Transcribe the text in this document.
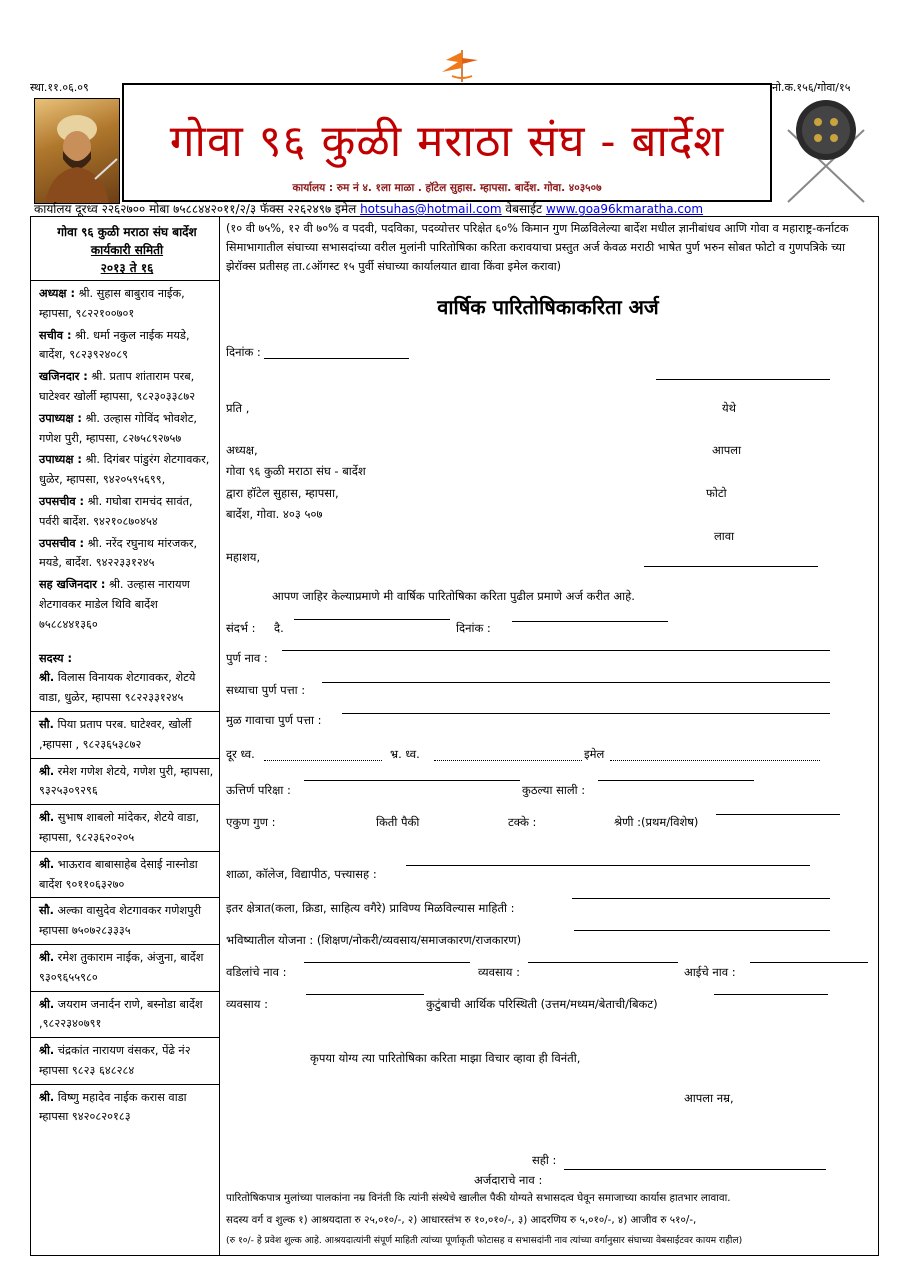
स्था.११.०६.०९	नो.क.१५६/गोवा/१५
गोवा ९६ कुळी मराठा संघ - बार्देश
कार्यालय : रुम नं ४. १ला माळा . हॉटेल सुहास. म्हापसा. बार्देश. गोवा. ४०३५०७
कार्यालय दूरध्व २२६२७०० मोबा ७५८८४४२०११/२/३ फॅक्स २२६२४९७ इमेल hotsuhas@hotmail.com वेबसाईट www.goa96kmaratha.com
गोवा ९६ कुळी मराठा संघ बार्देश
कार्यकारी समिती
२०१३ ते १६
अध्यक्ष : श्री. सुहास बाबुराव नाईक, म्हापसा, ९८२२१००७०१
सचीव : श्री. धर्मा नकुल नाईक मयडे, बार्देश, ९८२३९२४०८९
खजिनदार : श्री. प्रताप शांताराम परब, घाटेश्वर खोर्ली म्हापसा, ९८२३०३३८७२
उपाध्यक्ष : श्री. उल्हास गोविंद भोवशेट, गणेश पुरी, म्हापसा, ८२७५८९२७५७
उपाध्यक्ष : श्री. दिगंबर पांडुरंग शेटगावकर, धुळेर, म्हापसा, ९४२०५९५६९९,
उपसचीव : श्री. गघोबा रामचंद सावंत, पर्वरी बार्देश. ९४२१०८७०४५४
उपसचीव : श्री. नरेंद रघुनाथ मांरजकर, मयडे, बार्देश. ९४२२३३१२४५
सह खजिनदार : श्री. उल्हास नारायण शेटगावकर माडेल थिवि बार्देश ७५८८४४१३६०
सदस्य :
श्री. विलास विनायक शेटगावकर, शेटये वाडा, धुळेर, म्हापसा ९८२२३३१२४५
सौ. पिया प्रताप परब. घाटेश्वर, खोर्ली ,म्हापसा , ९८२३६५३८७२
श्री. रमेश गणेश शेटये, गणेश पुरी, म्हापसा, ९३२५३०९२९६
श्री. सुभाष शाबलो मांदेकर, शेटये वाडा, म्हापसा, ९८२३६२०२०५
श्री. भाऊराव बाबासाहेब देसाई नास्नोडा बार्देश ९०११०६३२७०
सौ. अल्का वासुदेव शेटगावकर गणेशपुरी म्हापसा ७५०७२८३३३५
श्री. रमेश तुकाराम नाईक, अंजुना, बार्देश ९३०९६५५९८०
श्री. जयराम जनार्दन राणे, बस्नोडा बार्देश ,९८२२३४०७९१
श्री. चंद्रकांत नारायण वंसकर, पेंढे नं२ म्हापसा ९८२३ ६४८२८४
श्री. विष्णु महादेव नाईक करास वाडा म्हापसा ९४२०८२०१८३
(१० वी ७५%, १२ वी ७०% व पदवी, पदविका, पदव्योत्तर परिक्षेत ६०% किमान गुण मिळविलेल्या बार्देश मधील ज्ञानीबांधव आणि गोवा व महाराष्ट्र-कर्नाटक सिमाभागातील संघाच्या सभासदांच्या वरील मुलांनी पारितोषिका करिता करावयाचा प्रस्तुत अर्ज केवळ मराठी भाषेत पुर्ण भरुन सोबत फोटो व गुणपत्रिके च्या झेरॉक्स प्रतीसह ता.८ऑगस्ट १५ पुर्वी संघाच्या कार्यालयात द्यावा किंवा इमेल करावा)
वार्षिक पारितोषिकाकरिता अर्ज
दिनांक :
प्रति ,	येथे
अध्यक्ष,	आपला
गोवा ९६ कुळी मराठा संघ - बार्देश
द्वारा हॉटेल सुहास, म्हापसा,	फोटो
बार्देश, गोवा. ४०३ ५०७
लावा
महाशय,
आपण जाहिर केल्याप्रमाणे मी वार्षिक पारितोषिका करिता पुढील प्रमाणे अर्ज करीत आहे.
संदर्भ : दै.	दिनांक :
पुर्ण नाव :
सध्याचा पुर्ण पत्ता :
मुळ गावाचा पुर्ण पत्ता :
दूर ध्व.	भ्र. ध्व.	इमेल
ऊत्तिर्ण परिक्षा :	कुठल्या साली :
एकुण गुण :	किती पैकी	टक्के :	श्रेणी :(प्रथम/विशेष)
शाळा, कॉलेज, विद्यापीठ, पत्त्यासह :
इतर क्षेत्रात(कला, क्रिडा, साहित्य वगैरे) प्राविण्य मिळविल्यास माहिती :
भविष्यातील योजना : (शिक्षण/नोकरी/व्यवसाय/समाजकारण/राजकारण)
वडिलांचे नाव :	व्यवसाय :	आईचे नाव :
व्यवसाय :	कुटुंबाची आर्थिक परिस्थिती (उत्तम/मध्यम/बेताची/बिकट)
कृपया योग्य त्या पारितोषिका करिता माझा विचार व्हावा ही विनंती,
आपला नम्र,
सही :
अर्जदाराचे नाव :
पारितोषिकपात्र मुलांच्या पालकांना नम्र विनंती कि त्यांनी संस्थेचे खालील पैकी योग्यते सभासदत्व घेवून समाजाच्या कार्यास हातभार लावावा.
सदस्य वर्ग व शुल्क १) आश्रयदाता रु २५,०१०/-, २) आधारस्तंभ रु १०,०१०/-, ३) आदरणिय रु ५,०१०/-, ४) आजीव रु ५१०/-,
(रु १०/- हे प्रवेश शुल्क आहे. आश्रयदात्यांनी संपूर्ण माहिती त्यांच्या पूर्णाकृती फोटासह व सभासदांनी नाव त्यांच्या वर्गानुसार संघाच्या वेबसाईटवर कायम राहील)
